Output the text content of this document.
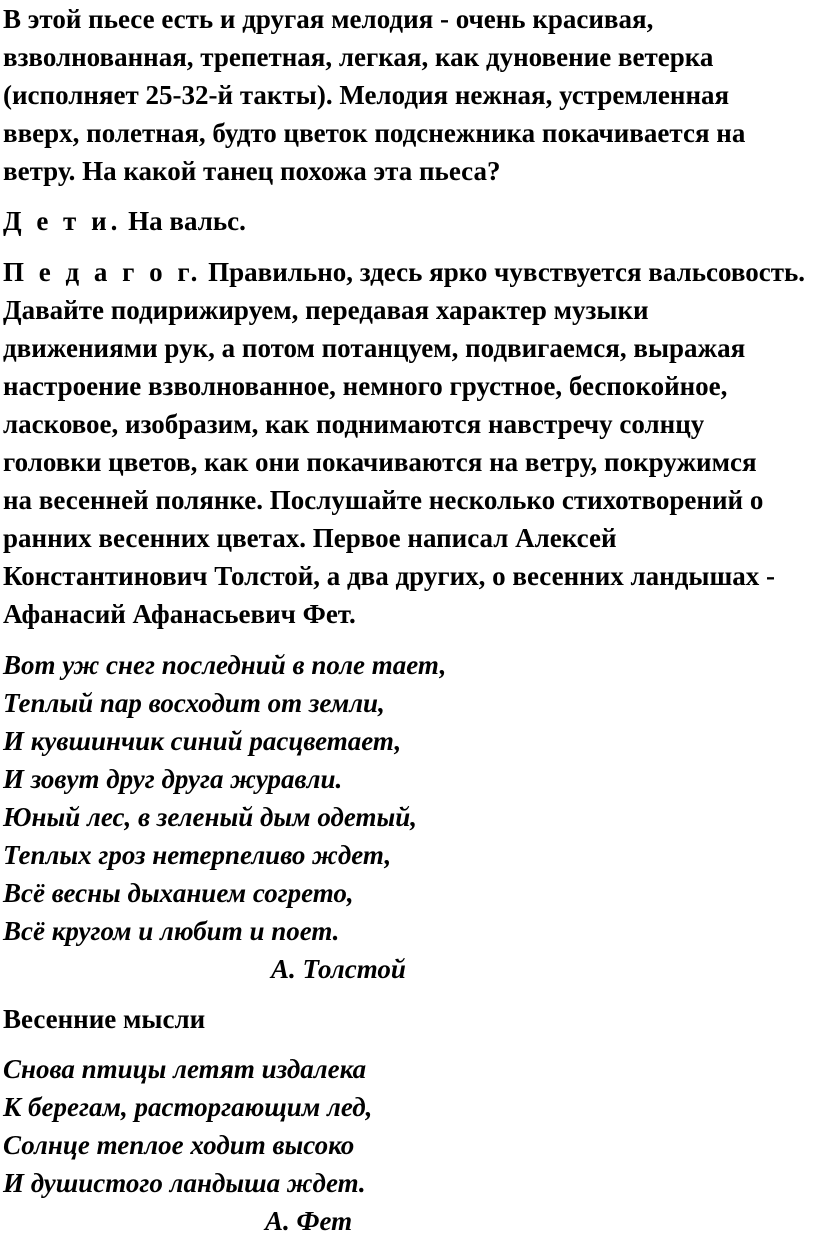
В этой пьесе есть и другая мелодия - очень красивая,
взволнованная, трепетная, легкая, как дуновение ветерка
(исполняет 25-32-й такты). Мелодия нежная, устремленная
вверх, полетная, будто цветок подснежника покачивается на
ветру. На какой танец похожа эта пьеса?

Д е т и. На вальс.

П е д а г о г. Правильно, здесь ярко чувствуется вальсовость.
Давайте подирижируем, передавая характер музыки
движениями рук, а потом потанцуем, подвигаемся, выражая
настроение взволнованное, немного грустное, беспокойное,
ласковое, изобразим, как поднимаются навстречу солнцу
головки цветов, как они покачиваются на ветру, покружимся
на весенней полянке. Послушайте несколько стихотворений о
ранних весенних цветах. Первое написал Алексей
Константинович Толстой, а два других, о весенних ландышах -
Афанасий Афанасьевич Фет.

Вот уж снег последний в поле тает,
Теплый пар восходит от земли,
И кувшинчик синий расцветает,
И зовут друг друга журавли.
Юный лес, в зеленый дым одетый,
Теплых гроз нетерпеливо ждет,
Всё весны дыханием согрето,
Всё кругом и любит и поет.
А. Толстой

Весенние мысли

Снова птицы летят издалека
К берегам, расторгающим лед,
Солнце теплое ходит высоко
И душистого ландыша ждет.
А. Фет
